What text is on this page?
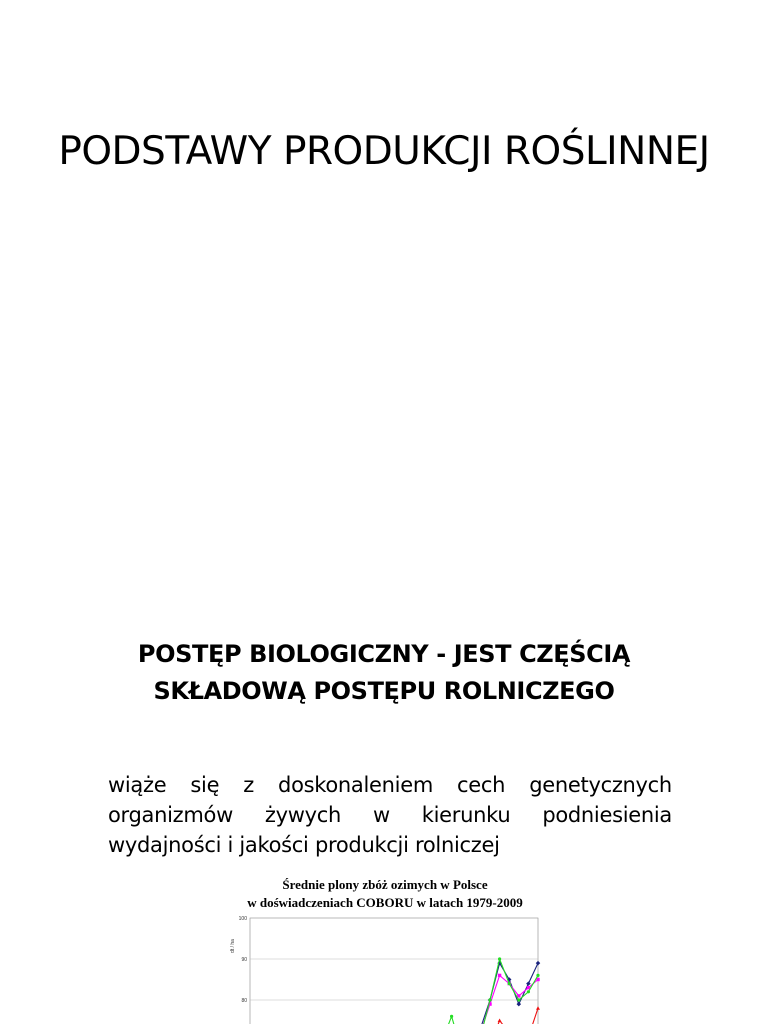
PODSTAWY PRODUKCJI ROŚLINNEJ
POSTĘP BIOLOGICZNY - JEST CZĘŚCIĄ
SKŁADOWĄ POSTĘPU ROLNICZEGO
wiąże się z doskonaleniem cech genetycznych
organizmów żywych w kierunku podniesienia
wydajności i jakości produkcji rolniczej
Średnie plony zbóż ozimych w Polsce
w doświadczeniach COBORU w latach 1979-2009
100
90
80
dt / ha
